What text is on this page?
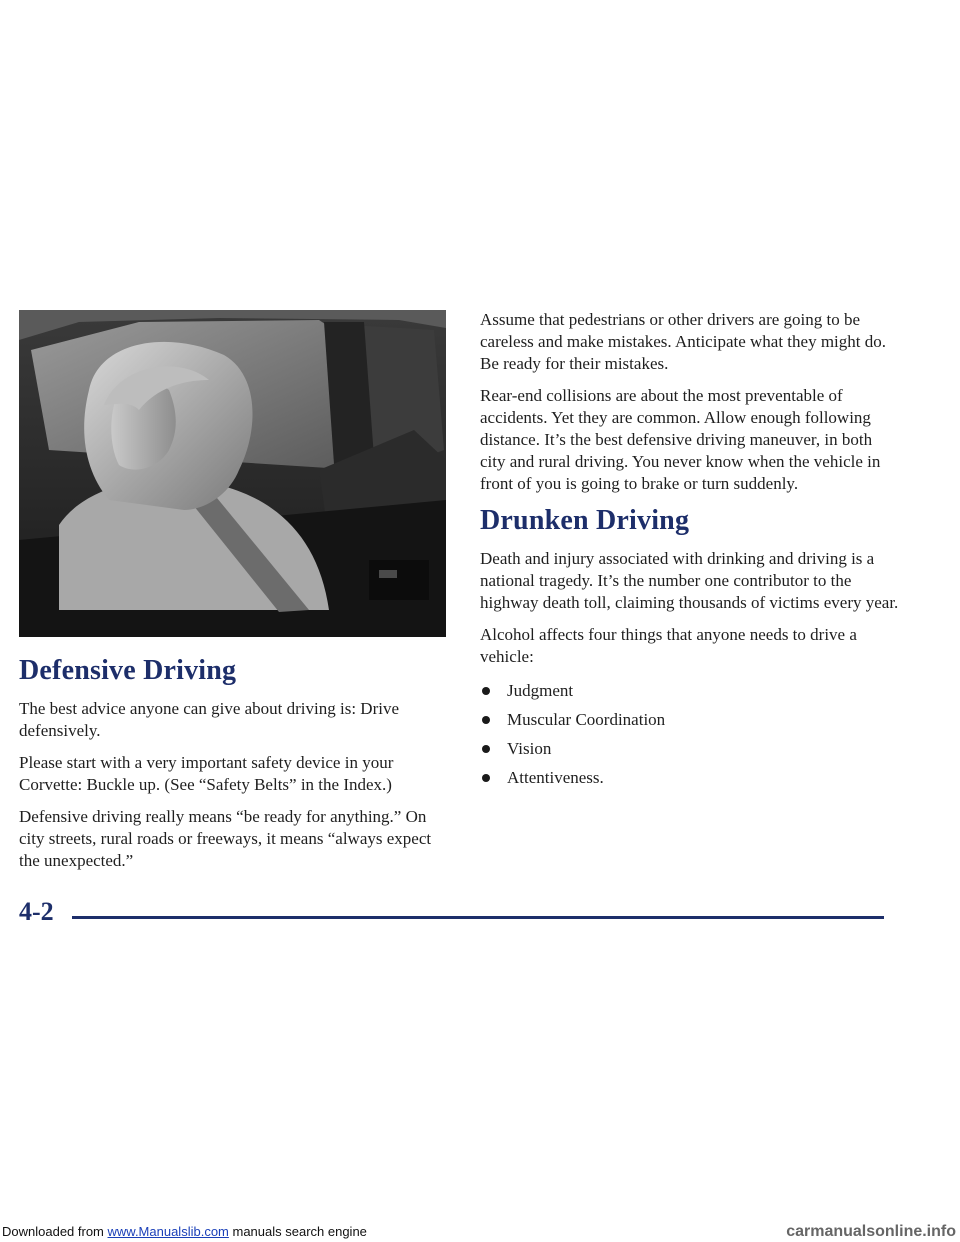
Defensive Driving

The best advice anyone can give about driving is: Drive defensively.

Please start with a very important safety device in your Corvette: Buckle up. (See “Safety Belts” in the Index.)

Defensive driving really means “be ready for anything.” On city streets, rural roads or freeways, it means “always expect the unexpected.”

Assume that pedestrians or other drivers are going to be careless and make mistakes. Anticipate what they might do. Be ready for their mistakes.

Rear-end collisions are about the most preventable of accidents. Yet they are common. Allow enough following distance. It’s the best defensive driving maneuver, in both city and rural driving. You never know when the vehicle in front of you is going to brake or turn suddenly.

Drunken Driving

Death and injury associated with drinking and driving is a national tragedy. It’s the number one contributor to the highway death toll, claiming thousands of victims every year.

Alcohol affects four things that anyone needs to drive a vehicle:

Judgment
Muscular Coordination
Vision
Attentiveness.
4-2
Downloaded from www.Manualslib.com manuals search engine	carmanualsonline.info
